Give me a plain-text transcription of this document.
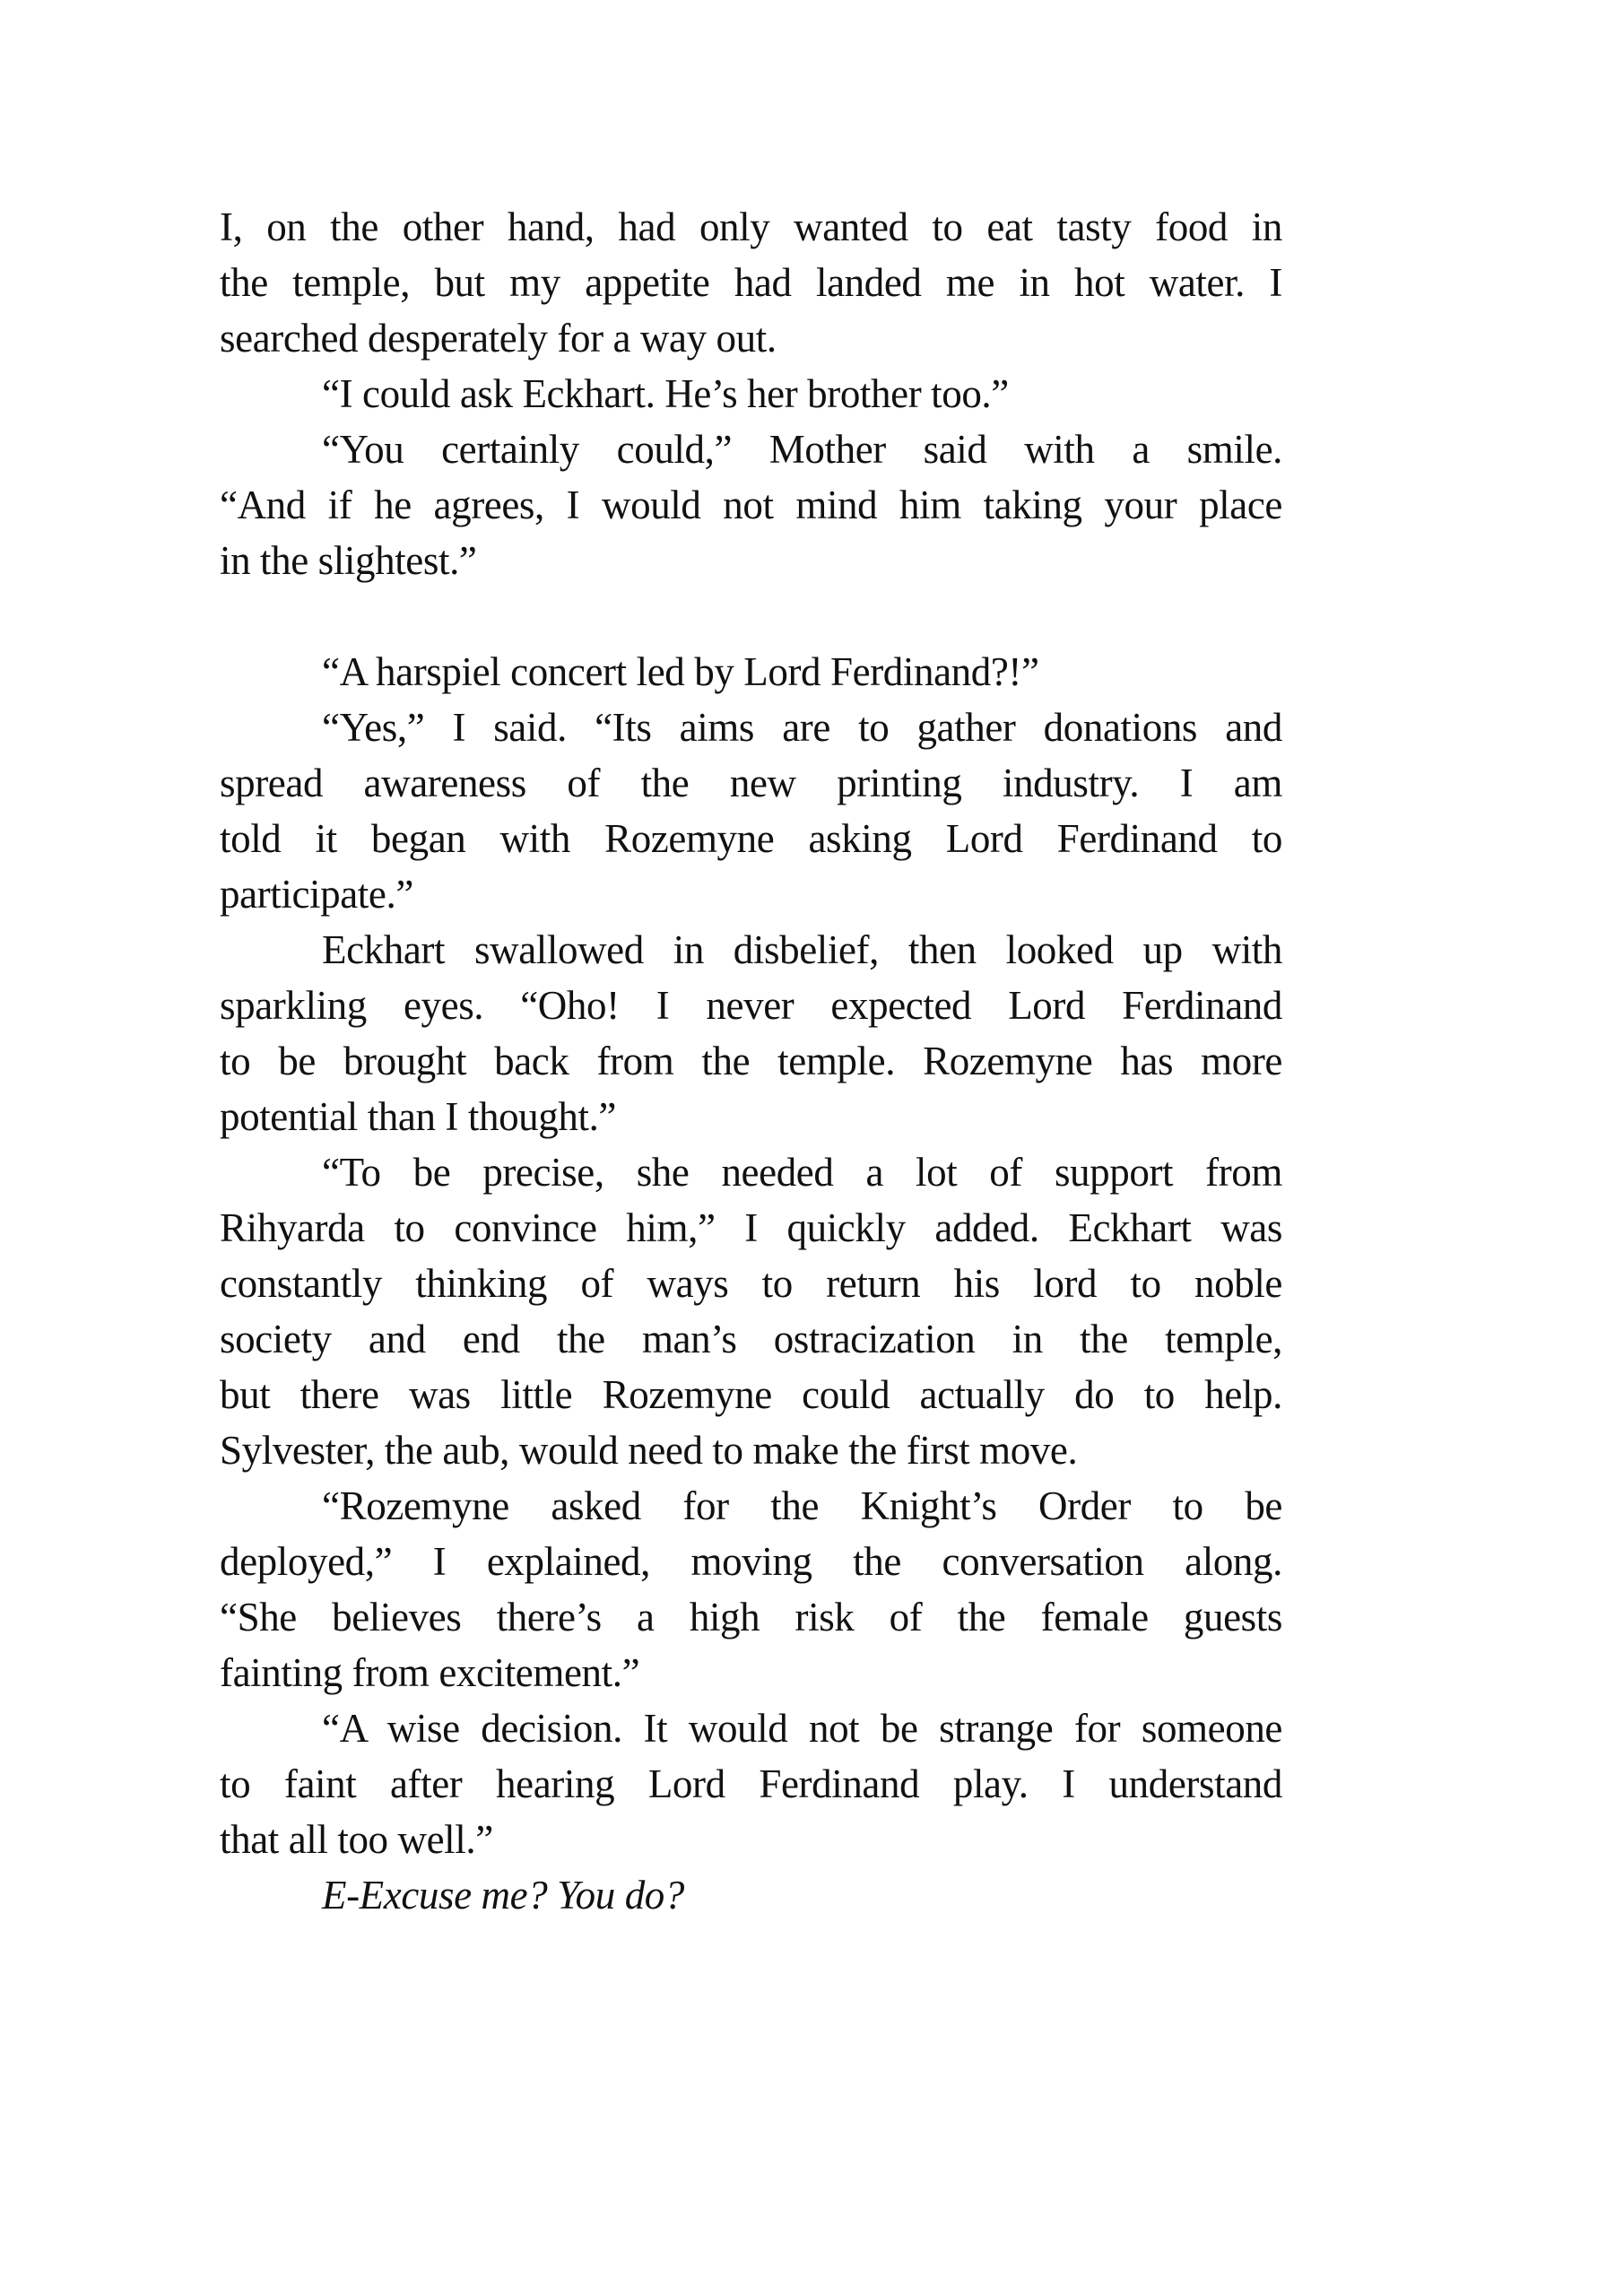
I, on the other hand, had only wanted to eat tasty food in
the temple, but my appetite had landed me in hot water. I
searched desperately for a way out.
“I could ask Eckhart. He’s her brother too.”
“You certainly could,” Mother said with a smile.
“And if he agrees, I would not mind him taking your place
in the slightest.”
“A harspiel concert led by Lord Ferdinand?!”
“Yes,” I said. “Its aims are to gather donations and
spread awareness of the new printing industry. I am
told it began with Rozemyne asking Lord Ferdinand to
participate.”
Eckhart swallowed in disbelief, then looked up with
sparkling eyes. “Oho! I never expected Lord Ferdinand
to be brought back from the temple. Rozemyne has more
potential than I thought.”
“To be precise, she needed a lot of support from
Rihyarda to convince him,” I quickly added. Eckhart was
constantly thinking of ways to return his lord to noble
society and end the man’s ostracization in the temple,
but there was little Rozemyne could actually do to help.
Sylvester, the aub, would need to make the first move.
“Rozemyne asked for the Knight’s Order to be
deployed,” I explained, moving the conversation along.
“She believes there’s a high risk of the female guests
fainting from excitement.”
“A wise decision. It would not be strange for someone
to faint after hearing Lord Ferdinand play. I understand
that all too well.”
E-Excuse me? You do?
